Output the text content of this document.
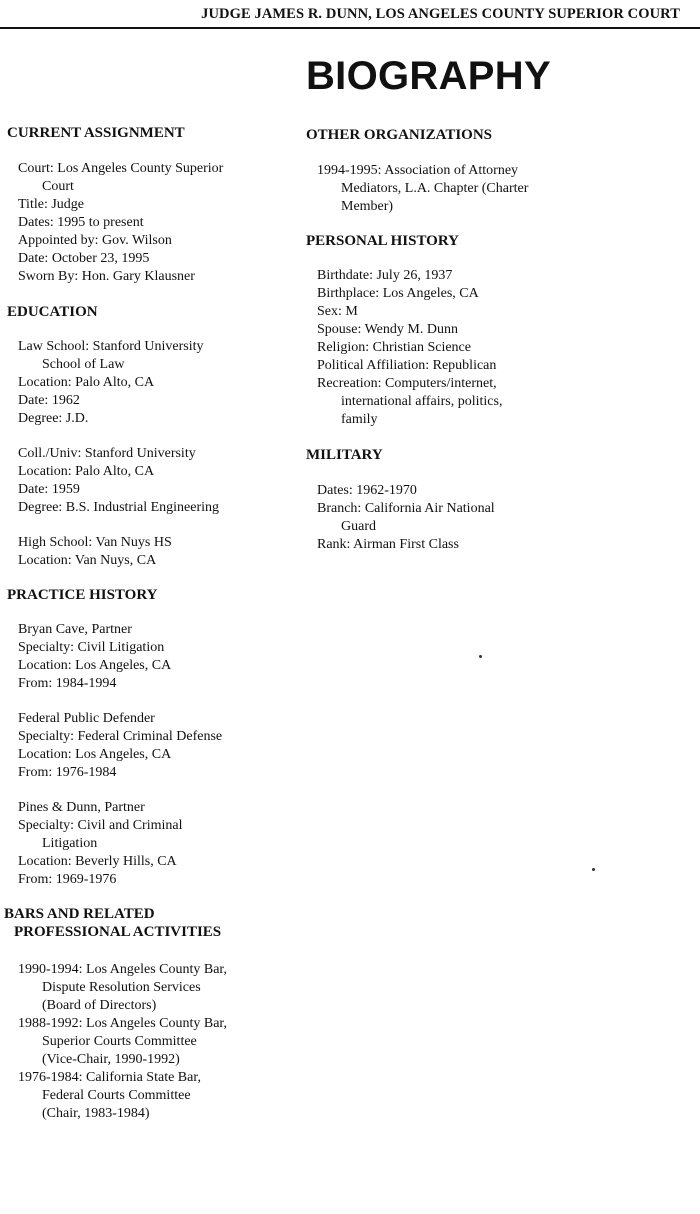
JUDGE JAMES R. DUNN, LOS ANGELES COUNTY SUPERIOR COURT
BIOGRAPHY
CURRENT ASSIGNMENT
Court: Los Angeles County Superior
Court
Title: Judge
Dates: 1995 to present
Appointed by: Gov. Wilson
Date: October 23, 1995
Sworn By: Hon. Gary Klausner
EDUCATION
Law School: Stanford University
School of Law
Location: Palo Alto, CA
Date: 1962
Degree: J.D.
Coll./Univ: Stanford University
Location: Palo Alto, CA
Date: 1959
Degree: B.S. Industrial Engineering
High School: Van Nuys HS
Location: Van Nuys, CA
PRACTICE HISTORY
Bryan Cave, Partner
Specialty: Civil Litigation
Location: Los Angeles, CA
From: 1984-1994
Federal Public Defender
Specialty: Federal Criminal Defense
Location: Los Angeles, CA
From: 1976-1984
Pines & Dunn, Partner
Specialty: Civil and Criminal
Litigation
Location: Beverly Hills, CA
From: 1969-1976
BARS AND RELATED
PROFESSIONAL ACTIVITIES
1990-1994: Los Angeles County Bar,
Dispute Resolution Services
(Board of Directors)
1988-1992: Los Angeles County Bar,
Superior Courts Committee
(Vice-Chair, 1990-1992)
1976-1984: California State Bar,
Federal Courts Committee
(Chair, 1983-1984)
OTHER ORGANIZATIONS
1994-1995: Association of Attorney
Mediators, L.A. Chapter (Charter
Member)
PERSONAL HISTORY
Birthdate: July 26, 1937
Birthplace: Los Angeles, CA
Sex: M
Spouse: Wendy M. Dunn
Religion: Christian Science
Political Affiliation: Republican
Recreation: Computers/internet,
international affairs, politics,
family
MILITARY
Dates: 1962-1970
Branch: California Air National
Guard
Rank: Airman First Class
